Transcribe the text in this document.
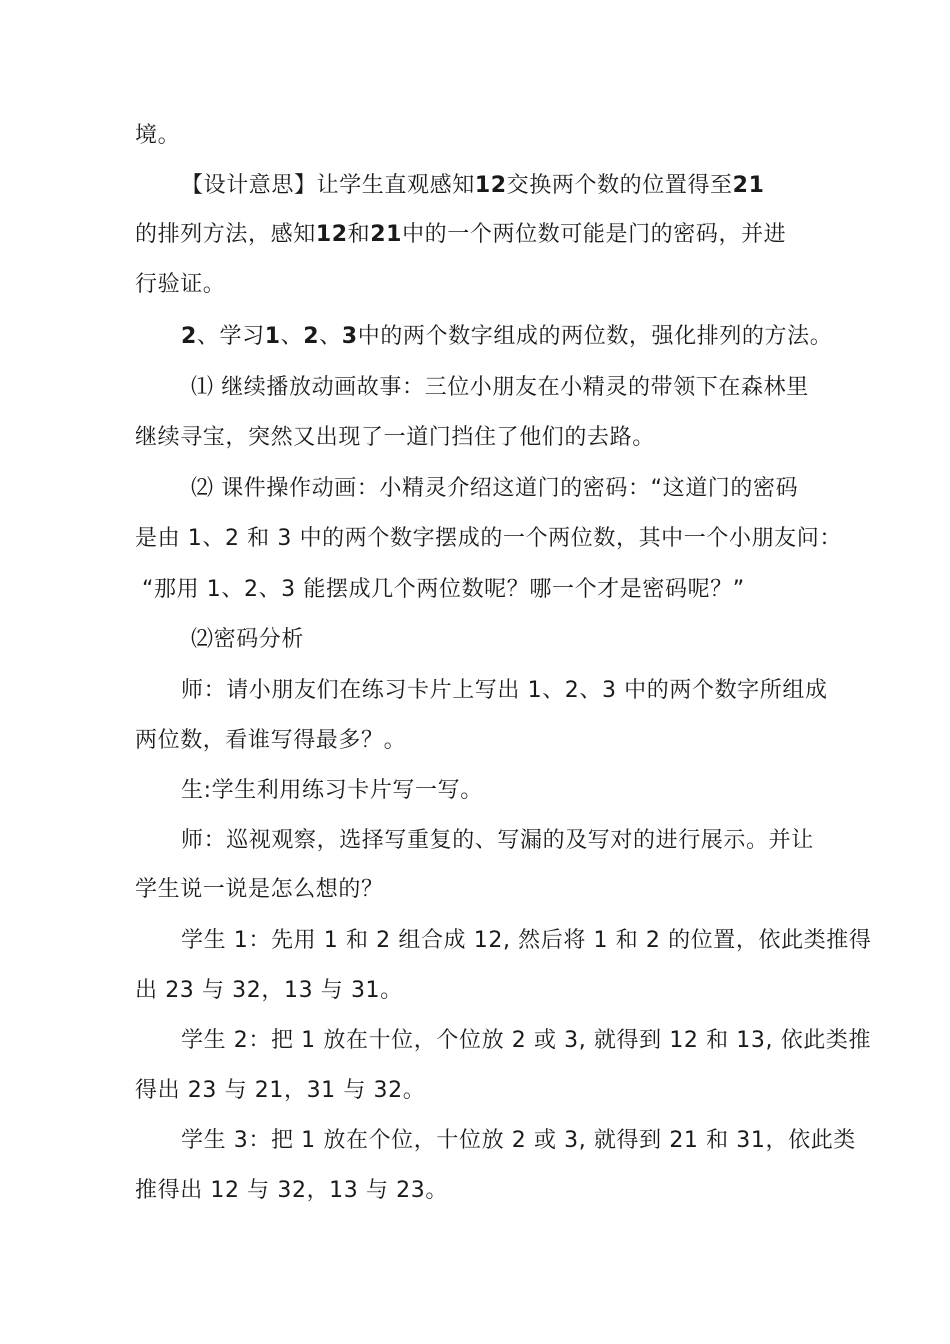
境。
【设计意思】让学生直观感知12交换两个数的位置得至21
的排列方法，感知12和21中的一个两位数可能是门的密码，并进
行验证。
2、学习1、2、3中的两个数字组成的两位数，强化排列的方法。
⑴ 继续播放动画故事：三位小朋友在小精灵的带领下在森林里
继续寻宝，突然又出现了一道门挡住了他们的去路。
⑵ 课件操作动画：小精灵介绍这道门的密码：“这道门的密码
是由 1、2 和 3 中的两个数字摆成的一个两位数，其中一个小朋友问：
“那用 1、2、3 能摆成几个两位数呢？哪一个才是密码呢？”
⑵密码分析
师：请小朋友们在练习卡片上写出 1、2、3 中的两个数字所组成
两位数，看谁写得最多？。
生:学生利用练习卡片写一写。
师：巡视观察，选择写重复的、写漏的及写对的进行展示。并让
学生说一说是怎么想的？
学生 1：先用 1 和 2 组合成 12, 然后将 1 和 2 的位置，依此类推得
出 23 与 32，13 与 31。
学生 2：把 1 放在十位，个位放 2 或 3, 就得到 12 和 13, 依此类推
得出 23 与 21，31 与 32。
学生 3：把 1 放在个位，十位放 2 或 3, 就得到 21 和 31，依此类
推得出 12 与 32，13 与 23。
